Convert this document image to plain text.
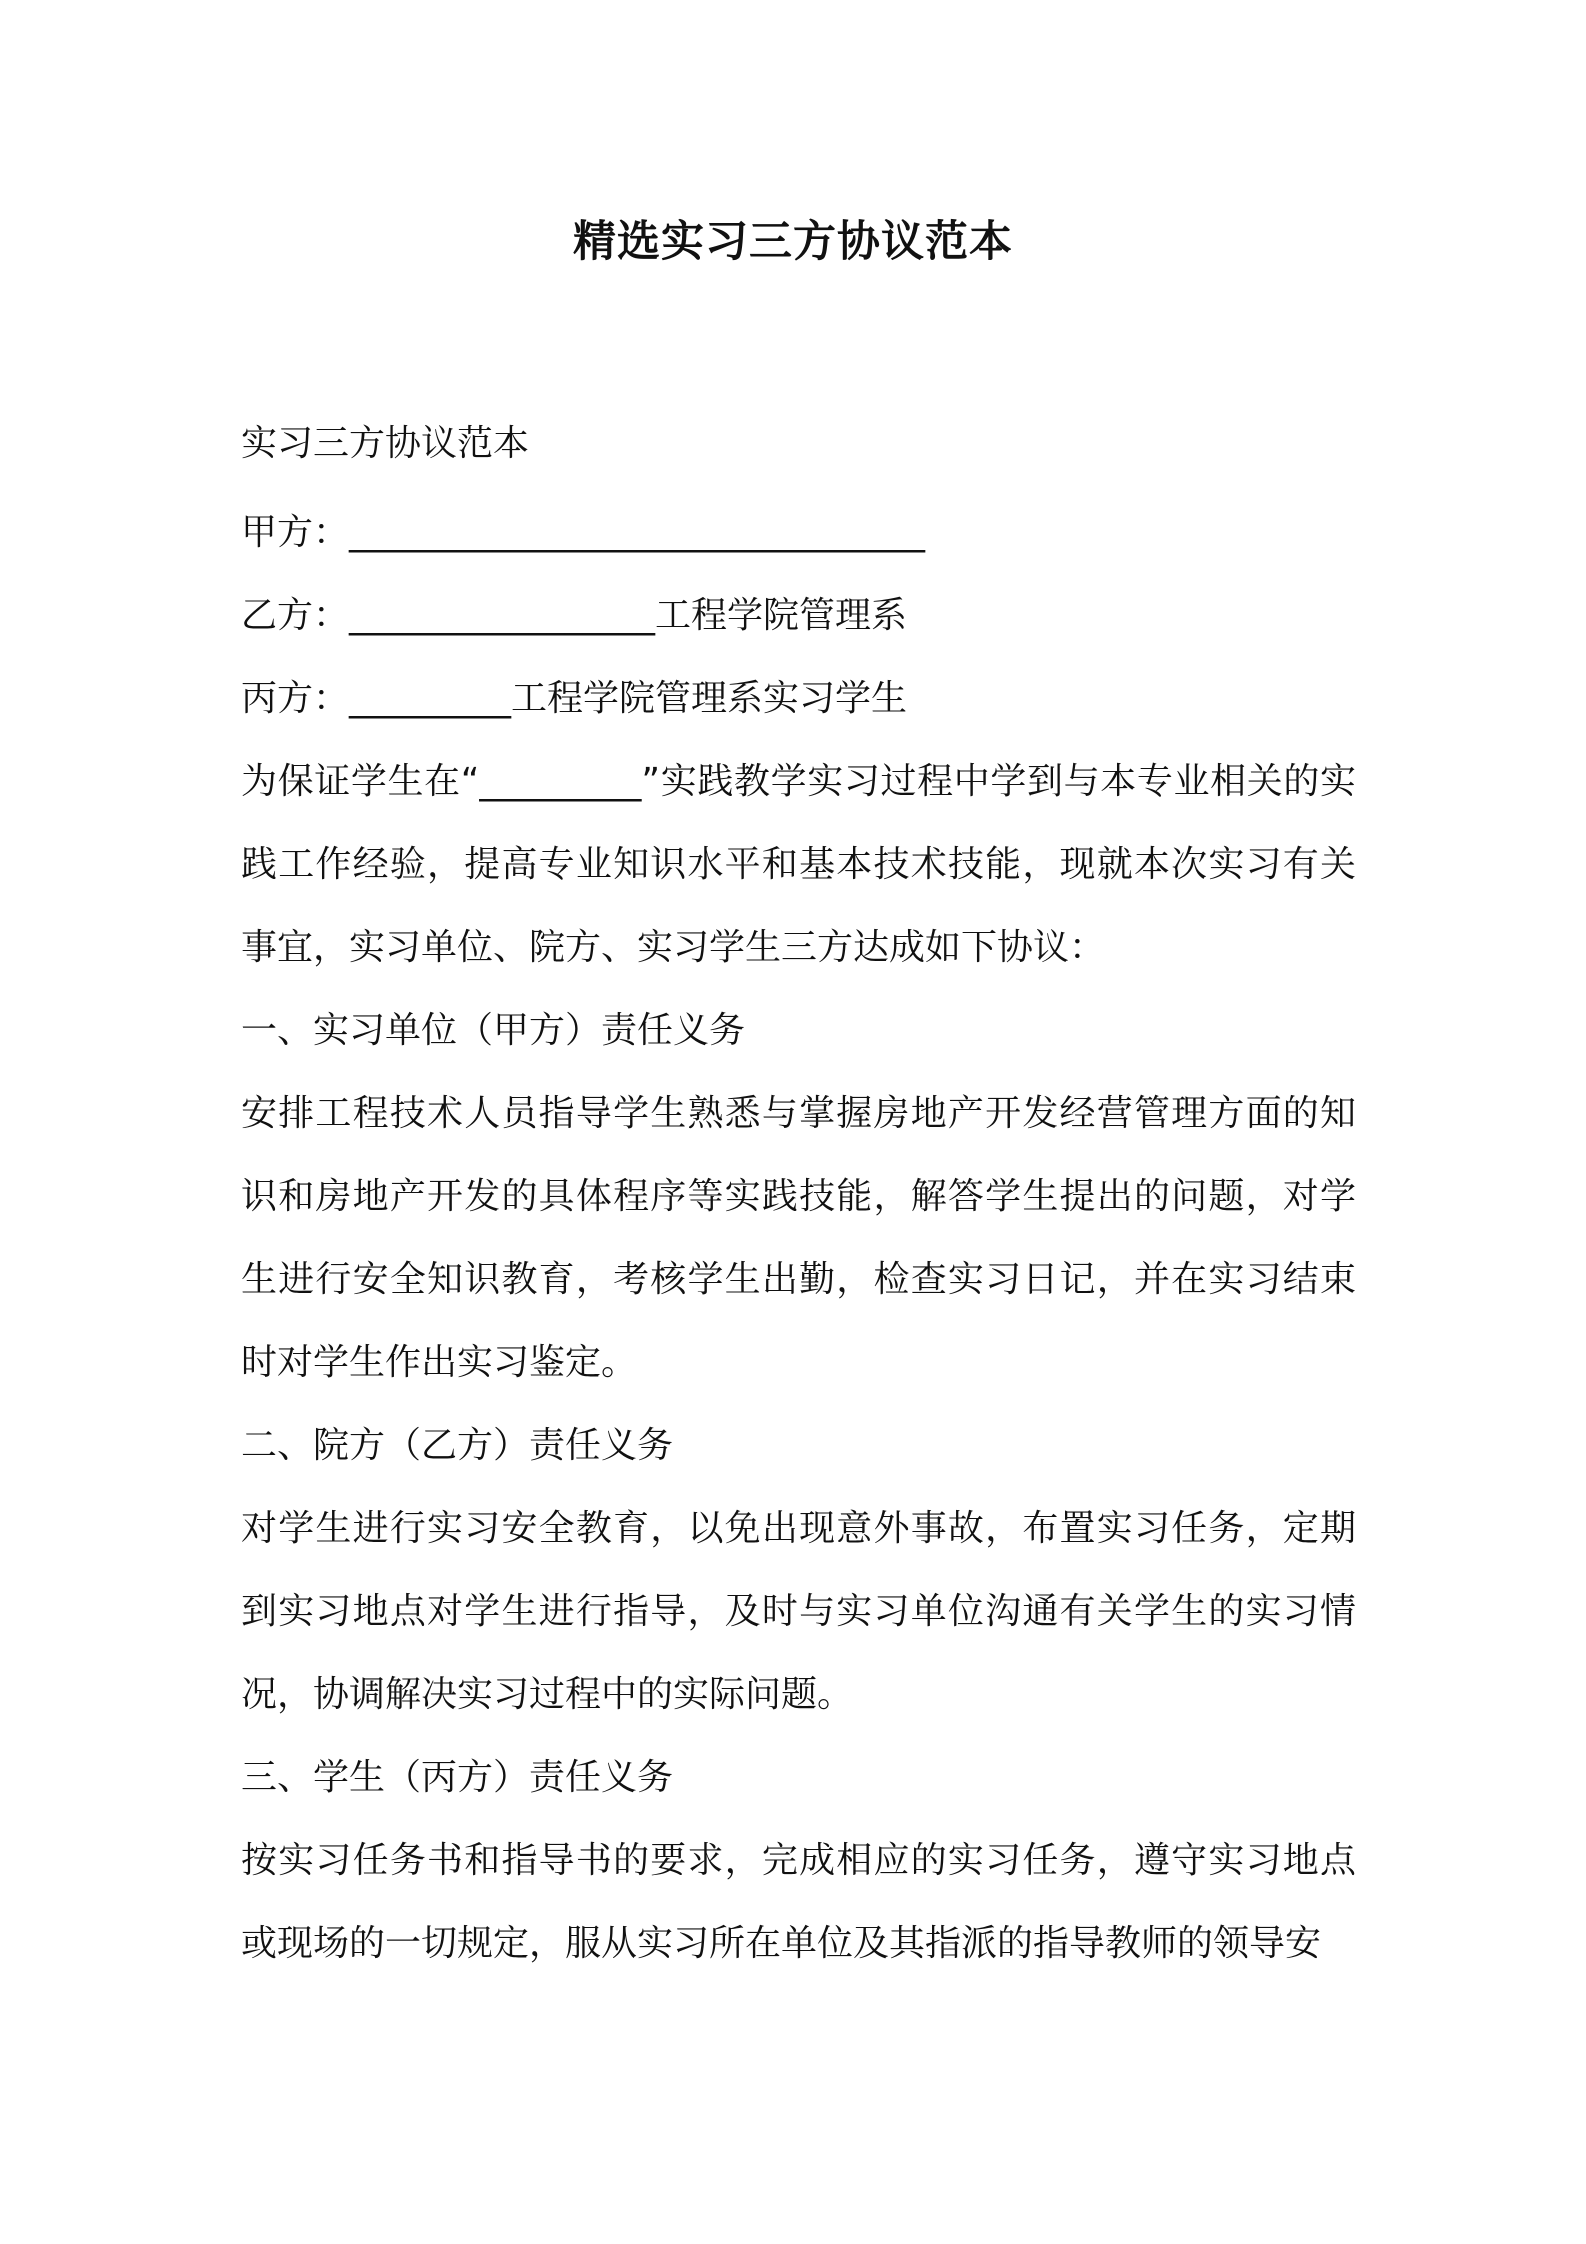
精选实习三方协议范本

实习三方协议范本

甲方：________________________________

乙方：_________________工程学院管理系

丙方：_________工程学院管理系实习学生

为保证学生在“_________”实践教学实习过程中学到与本专业相关的实践工作经验，提高专业知识水平和基本技术技能，现就本次实习有关事宜，实习单位、院方、实习学生三方达成如下协议：

一、实习单位（甲方）责任义务

安排工程技术人员指导学生熟悉与掌握房地产开发经营管理方面的知识和房地产开发的具体程序等实践技能，解答学生提出的问题，对学生进行安全知识教育，考核学生出勤，检查实习日记，并在实习结束时对学生作出实习鉴定。

二、院方（乙方）责任义务

对学生进行实习安全教育，以免出现意外事故，布置实习任务，定期到实习地点对学生进行指导，及时与实习单位沟通有关学生的实习情况，协调解决实习过程中的实际问题。

三、学生（丙方）责任义务

按实习任务书和指导书的要求，完成相应的实习任务，遵守实习地点或现场的一切规定，服从实习所在单位及其指派的指导教师的领导安
